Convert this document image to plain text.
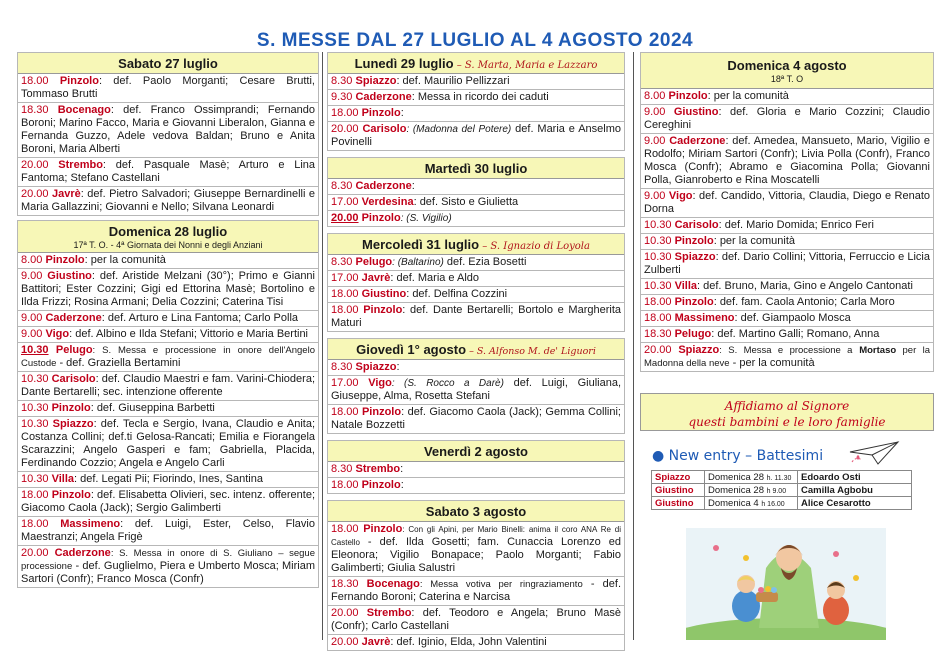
S. MESSE DAL 27 LUGLIO AL 4 AGOSTO 2024
Sabato 27 luglio
18.00 Pinzolo: def. Paolo Morganti; Cesare Brutti, Tommaso Brutti
18.30 Bocenago: def. Franco Ossimprandi; Fernando Boroni; Marino Facco, Maria e Giovanni Liberalon, Gianna e Fernanda Guzzo, Adele vedova Baldan; Bruno e Anita Boroni, Maria Alberti
20.00 Strembo: def. Pasquale Masè; Arturo e Lina Fantoma; Stefano Castellani
20.00 Javrè: def. Pietro Salvadori; Giuseppe Bernardinelli e Maria Gallazzini; Giovanni e Nello; Silvana Leonardi
Domenica 28 luglio
17ª T. O. - 4ª Giornata dei Nonni e degli Anziani
8.00 Pinzolo: per la comunità
9.00 Giustino: def. Aristide Melzani (30°); Primo e Gianni Battitori; Ester Cozzini; Gigi ed Ettorina Masè; Bortolino e Ilda Frizzi; Rosina Armani; Delia Cozzini; Caterina Tisi
9.00 Caderzone: def. Arturo e Lina Fantoma; Carlo Polla
9.00 Vigo: def. Albino e Ilda Stefani; Vittorio e Maria Bertini
10.30 Pelugo: S. Messa e processione in onore dell'Angelo Custode - def. Graziella Bertamini
10.30 Carisolo: def. Claudio Maestri e fam. Varini-Chiodera; Dante Bertarelli; sec. intenzione offerente
10.30 Pinzolo: def. Giuseppina Barbetti
10.30 Spiazzo: def. Tecla e Sergio, Ivana, Claudio e Anita; Costanza Collini; def.ti Gelosa-Rancati; Emilia e Fiorangela Scarazzini; Angelo Gasperi e fam; Gabriella, Placida, Ferdinando Cozzio; Angela e Angelo Carli
10.30 Villa: def. Legati Pii; Fiorindo, Ines, Santina
18.00 Pinzolo: def. Elisabetta Olivieri, sec. intenz. offerente; Giacomo Caola (Jack); Sergio Galimberti
18.00 Massimeno: def. Luigi, Ester, Celso, Flavio Maestranzi; Angela Frigè
20.00 Caderzone: S. Messa in onore di S. Giuliano – segue processione - def. Guglielmo, Piera e Umberto Mosca; Miriam Sartori (Confr); Franco Mosca (Confr)
Lunedì 29 luglio – S. Marta, Maria e Lazzaro
8.30 Spiazzo: def. Maurilio Pellizzari
9.30 Caderzone: Messa in ricordo dei caduti
18.00 Pinzolo:
20.00 Carisolo: (Madonna del Potere) def. Maria e Anselmo Povinelli
Martedì 30 luglio
8.30 Caderzone:
17.00 Verdesina: def. Sisto e Giulietta
20.00 Pinzolo: (S. Vigilio)
Mercoledì 31 luglio – S. Ignazio di Loyola
8.30 Pelugo: (Baltarino) def. Ezia Bosetti
17.00 Javrè: def. Maria e Aldo
18.00 Giustino: def. Delfina Cozzini
18.00 Pinzolo: def. Dante Bertarelli; Bortolo e Margherita Maturi
Giovedì 1° agosto – S. Alfonso M. de' Liguori
8.30 Spiazzo:
17.00 Vigo: (S. Rocco a Darè) def. Luigi, Giuliana, Giuseppe, Alma, Rosetta Stefani
18.00 Pinzolo: def. Giacomo Caola (Jack); Gemma Collini; Natale Bozzetti
Venerdì 2 agosto
8.30 Strembo:
18.00 Pinzolo:
Sabato 3 agosto
18.00 Pinzolo: Con gli Apini, per Mario Binelli: anima il coro ANA Re di Castello - def. Ilda Gosetti; fam. Cunaccia Lorenzo ed Eleonora; Vigilio Bonapace; Paolo Morganti; Fabio Galimberti; Giulia Salustri
18.30 Bocenago: Messa votiva per ringraziamento - def. Fernando Boroni; Caterina e Narcisa
20.00 Strembo: def. Teodoro e Angela; Bruno Masè (Confr); Carlo Castellani
20.00 Javrè: def. Iginio, Elda, John Valentini
Domenica 4 agosto
18ª T. O
8.00 Pinzolo: per la comunità
9.00 Giustino: def. Gloria e Mario Cozzini; Claudio Cereghini
9.00 Caderzone: def. Amedea, Mansueto, Mario, Vigilio e Rodolfo; Miriam Sartori (Confr); Livia Polla (Confr), Franco Mosca (Confr); Abramo e Giacomina Polla; Giovanni Polla, Gianroberto e Rina Moscatelli
9.00 Vigo: def. Candido, Vittoria, Claudia, Diego e Renato Dorna
10.30 Carisolo: def. Mario Domida; Enrico Feri
10.30 Pinzolo: per la comunità
10.30 Spiazzo: def. Dario Collini; Vittoria, Ferruccio e Licia Zulberti
10.30 Villa: def. Bruno, Maria, Gino e Angelo Cantonati
18.00 Pinzolo: def. fam. Caola Antonio; Carla Moro
18.00 Massimeno: def. Giampaolo Mosca
18.30 Pelugo: def. Martino Galli; Romano, Anna
20.00 Spiazzo: S. Messa e processione a Mortaso per la Madonna della neve - per la comunità
Affidiamo al Signore
questi bambini e le loro famiglie
● New entry – Battesimi
Spiazzo	Domenica 28 h. 11.30	Edoardo Osti
Giustino	Domenica 28 h 9.00	Camilla Agbobu
Giustino	Domenica 4 h 16.00	Alice Cesarotto
